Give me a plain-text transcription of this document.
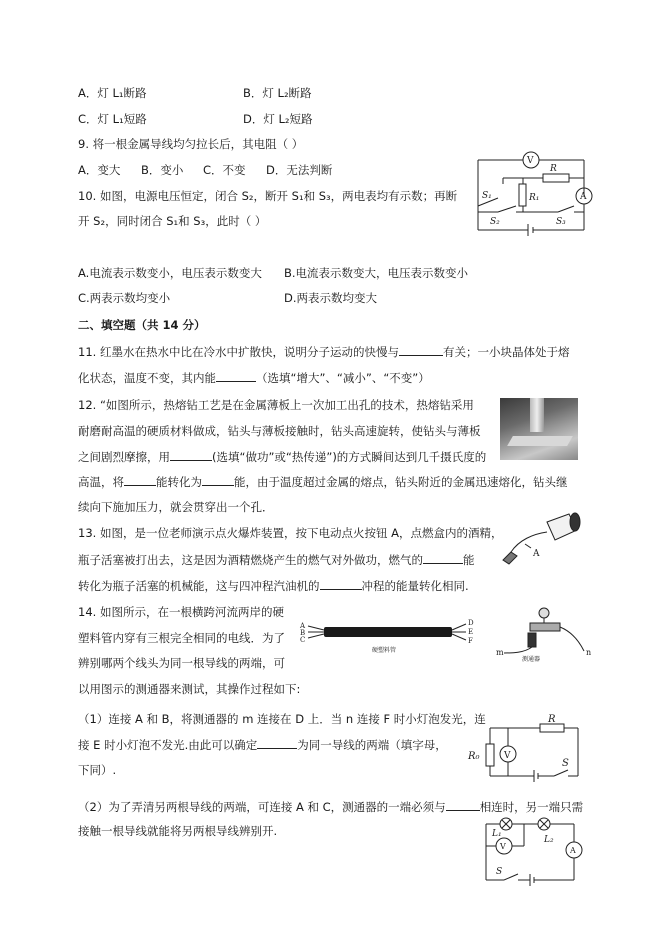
A．灯 L₁断路	B．灯 L₂断路
C．灯 L₁短路	D．灯 L₂短路
9. 将一根金属导线均匀拉长后，其电阻（ ）
A．变大 B．变小 C．不变 D．无法判断
10. 如图，电源电压恒定，闭合 S₂，断开 S₁和 S₃，两电表均有示数；再断
开 S₂，同时闭合 S₁和 S₃，此时（ ）
V
R
S₁	R₁	A
S₂	S₃
A.电流表示数变小，电压表示数变大 B.电流表示数变大，电压表示数变小
C.两表示数均变小	D.两表示数均变大
二、填空题（共 14 分）
11. 红墨水在热水中比在冷水中扩散快，说明分子运动的快慢与	有关；一小块晶体处于熔
化状态，温度不变，其内能	（选填“增大”、“减小”、“不变”）
12. “如图所示，热熔钻工艺是在金属薄板上一次加工出孔的技术，热熔钻采用
耐磨耐高温的硬质材料做成，钻头与薄板接触时，钻头高速旋转，使钻头与薄板
之间剧烈摩擦，用	(选填“做功”或“热传递”)的方式瞬间达到几千摄氏度的
高温，将	能转化为	能，由于温度超过金属的熔点，钻头附近的金属迅速熔化，钻头继
续向下施加压力，就会贯穿出一个孔．
13. 如图，是一位老师演示点火爆炸装置，按下电动点火按钮 A，点燃盒内的酒精，
瓶子活塞被打出去，这是因为酒精燃烧产生的燃气对外做功，燃气的	能
转化为瓶子活塞的机械能，这与四冲程汽油机的	冲程的能量转化相同.
A
14. 如图所示，在一根横跨河流两岸的硬
塑料管内穿有三根完全相同的电线．为了
辨别哪两个线头为同一根导线的两端，可
以用图示的测通器来测试，其操作过程如下:
A
B
C
D
E
F
硬塑料管	m	n
测通器
（1）连接 A 和 B，将测通器的 m 连接在 D 上．当 n 连接 F 时小灯泡发光，连
接 E 时小灯泡不发光.由此可以确定	为同一导线的两端（填字母，
下同）.
R
R₀	V
S
（2）为了弄清另两根导线的两端，可连接 A 和 C，测通器的一端必须与	相连时，另一端只需
接触一根导线就能将另两根导线辨别开.	L₁
L₂
V	A
S
